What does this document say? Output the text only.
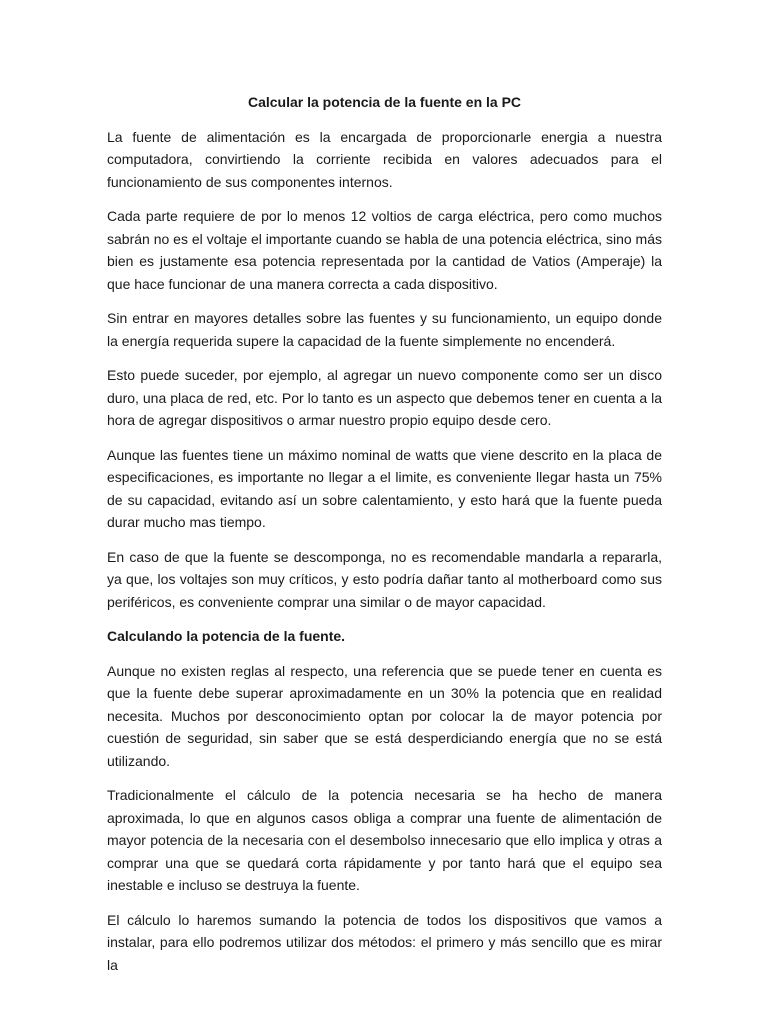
Calcular la potencia de la fuente en la PC

La fuente de alimentación es la encargada de proporcionarle energia a nuestra computadora, convirtiendo la corriente recibida en valores adecuados para el funcionamiento de sus componentes internos.

Cada parte requiere de por lo menos 12 voltios de carga eléctrica, pero como muchos sabrán no es el voltaje el importante cuando se habla de una potencia eléctrica, sino más bien es justamente esa potencia representada por la cantidad de Vatios (Amperaje) la que hace funcionar de una manera correcta a cada dispositivo.

Sin entrar en mayores detalles sobre las fuentes y su funcionamiento, un equipo donde la energía requerida supere la capacidad de la fuente simplemente no encenderá.

Esto puede suceder, por ejemplo, al agregar un nuevo componente como ser un disco duro, una placa de red, etc. Por lo tanto es un aspecto que debemos tener en cuenta a la hora de agregar dispositivos o armar nuestro propio equipo desde cero.

Aunque las fuentes tiene un máximo nominal de watts que viene descrito en la placa de especificaciones, es importante no llegar a el limite, es conveniente llegar hasta un 75% de su capacidad, evitando así un sobre calentamiento, y esto hará que la fuente pueda durar mucho mas tiempo.

En caso de que la fuente se descomponga, no es recomendable mandarla a repararla, ya que, los voltajes son muy críticos, y esto podría dañar tanto al motherboard como sus periféricos, es conveniente comprar una similar o de mayor capacidad.

Calculando la potencia de la fuente.

Aunque no existen reglas al respecto, una referencia que se puede tener en cuenta es que la fuente debe superar aproximadamente en un 30% la potencia que en realidad necesita. Muchos por desconocimiento optan por colocar la de mayor potencia por cuestión de seguridad, sin saber que se está desperdiciando energía que no se está utilizando.

Tradicionalmente el cálculo de la potencia necesaria se ha hecho de manera aproximada, lo que en algunos casos obliga a comprar una fuente de alimentación de mayor potencia de la necesaria con el desembolso innecesario que ello implica y otras a comprar una que se quedará corta rápidamente y por tanto hará que el equipo sea inestable e incluso se destruya la fuente.

El cálculo lo haremos sumando la potencia de todos los dispositivos que vamos a instalar, para ello podremos utilizar dos métodos: el primero y más sencillo que es mirar la
